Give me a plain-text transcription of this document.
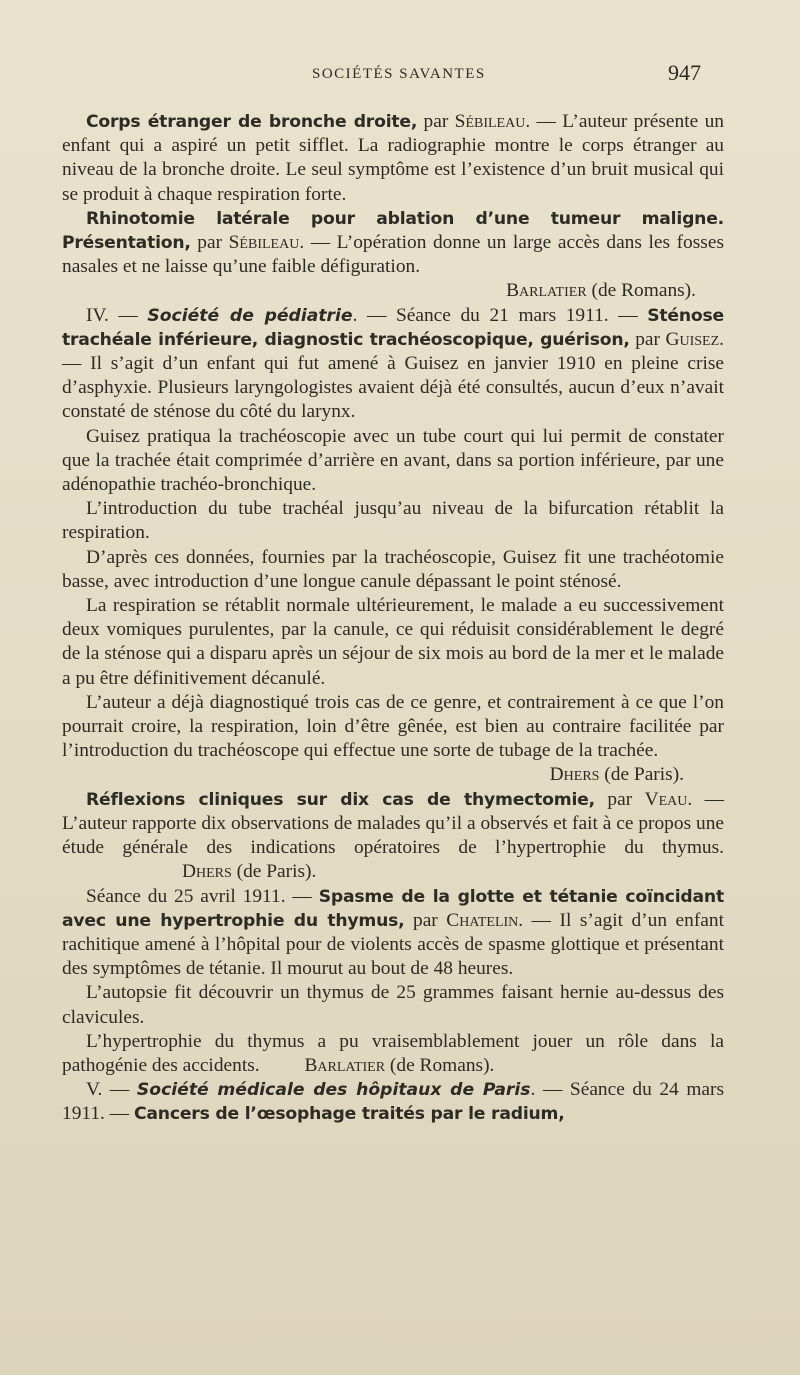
SOCIÉTÉS SAVANTES	947

Corps étranger de bronche droite, par Sébileau. — L’auteur présente un enfant qui a aspiré un petit sifflet. La radiographie montre le corps étranger au niveau de la bronche droite. Le seul symptôme est l’existence d’un bruit musical qui se produit à chaque respiration forte.

Rhinotomie latérale pour ablation d’une tumeur maligne. Présentation, par Sébileau. — L’opération donne un large accès dans les fosses nasales et ne laisse qu’une faible défiguration.

Barlatier (de Romans).

IV. — Société de pédiatrie. — Séance du 21 mars 1911. — Sténose trachéale inférieure, diagnostic trachéoscopique, guérison, par Guisez. — Il s’agit d’un enfant qui fut amené à Guisez en janvier 1910 en pleine crise d’asphyxie. Plusieurs laryngologistes avaient déjà été consultés, aucun d’eux n’avait constaté de sténose du côté du larynx.

Guisez pratiqua la trachéoscopie avec un tube court qui lui permit de constater que la trachée était comprimée d’arrière en avant, dans sa portion inférieure, par une adénopathie trachéo-bronchique.

L’introduction du tube trachéal jusqu’au niveau de la bifurcation rétablit la respiration.

D’après ces données, fournies par la trachéoscopie, Guisez fit une trachéotomie basse, avec introduction d’une longue canule dépassant le point sténosé.

La respiration se rétablit normale ultérieurement, le malade a eu successivement deux vomiques purulentes, par la canule, ce qui réduisit considérablement le degré de la sténose qui a disparu après un séjour de six mois au bord de la mer et le malade a pu être définitivement décanulé.

L’auteur a déjà diagnostiqué trois cas de ce genre, et contrairement à ce que l’on pourrait croire, la respiration, loin d’être gênée, est bien au contraire facilitée par l’introduction du trachéoscope qui effectue une sorte de tubage de la trachée.

Dhers (de Paris).

Réflexions cliniques sur dix cas de thymectomie, par Veau. — L’auteur rapporte dix observations de malades qu’il a observés et fait à ce propos une étude générale des indications opératoires de l’hypertrophie du thymus. Dhers (de Paris).

Séance du 25 avril 1911. — Spasme de la glotte et tétanie coïncidant avec une hypertrophie du thymus, par Chatelin. — Il s’agit d’un enfant rachitique amené à l’hôpital pour de violents accès de spasme glottique et présentant des symptômes de tétanie. Il mourut au bout de 48 heures.

L’autopsie fit découvrir un thymus de 25 grammes faisant hernie au-dessus des clavicules.

L’hypertrophie du thymus a pu vraisemblablement jouer un rôle dans la pathogénie des accidents. Barlatier (de Romans).

V. — Société médicale des hôpitaux de Paris. — Séance du 24 mars 1911. — Cancers de l’œsophage traités par le radium,
